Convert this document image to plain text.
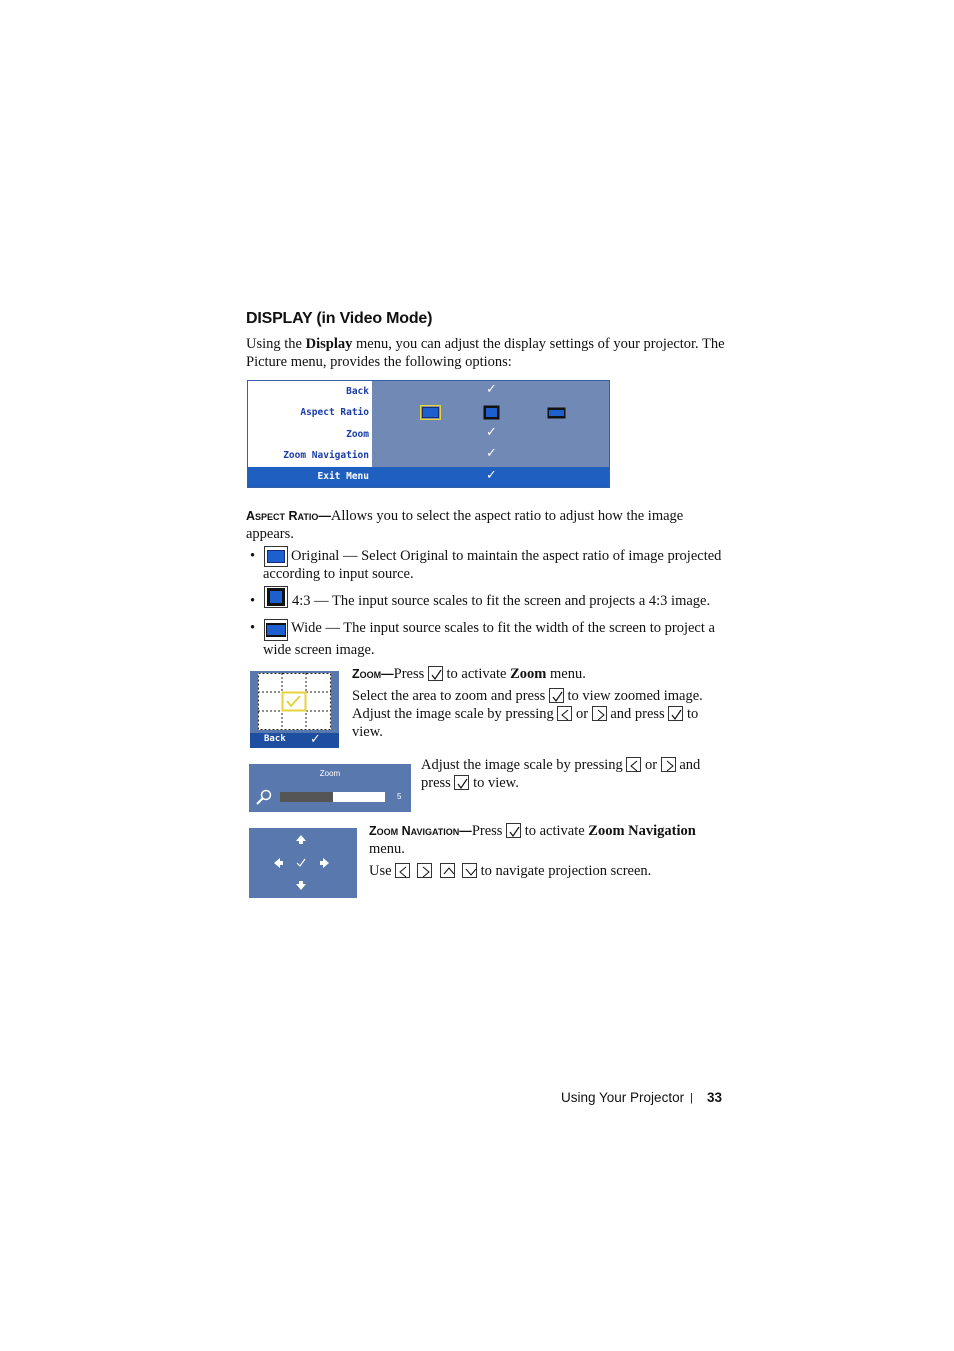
DISPLAY (in Video Mode)
Using the Display menu, you can adjust the display settings of your projector. The
Picture menu, provides the following options:
Back
Aspect Ratio
Zoom
Zoom Navigation
Exit Menu
✓
✓
✓
✓
Aspect Ratio—Allows you to select the aspect ratio to adjust how the image
appears.
• Original — Select Original to maintain the aspect ratio of image projected

according to input source.
•	4:3 — The input source scales to fit the screen and projects a 4:3 image.
• Wide — The input source scales to fit the width of the screen to project a

wide screen image.
Back ✓
Zoom—Press
to activate Zoom menu.
Select the area to zoom and press
to view zoomed image.
Adjust the image scale by pressing
or
and press
to
view.
Zoom
5
Adjust the image scale by pressing
or
and
press
to view.
Zoom Navigation—Press
to activate Zoom Navigation
menu.
Use

	to navigate projection screen.
Using Your Projector | 33
